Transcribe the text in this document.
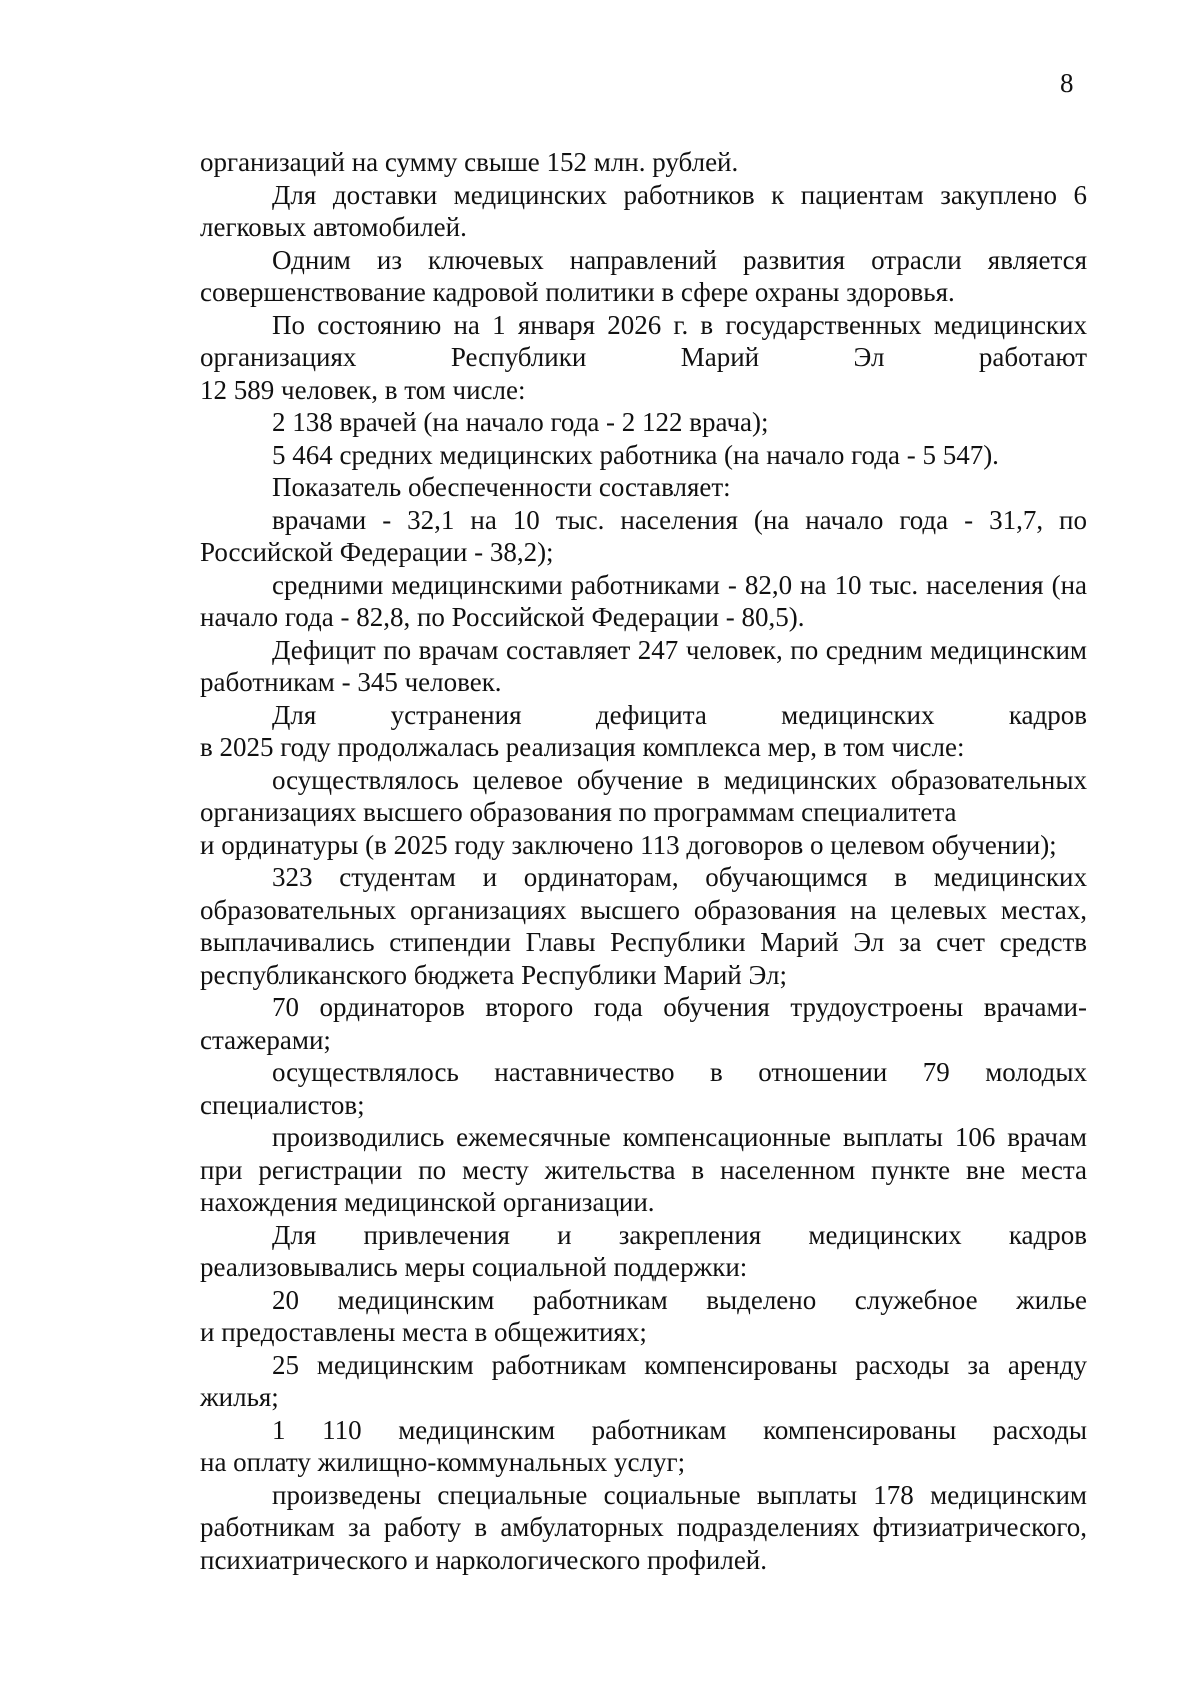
8

организаций на сумму свыше 152 млн. рублей.

Для доставки медицинских работников к пациентам закуплено 6 легковых автомобилей.

Одним из ключевых направлений развития отрасли является совершенствование кадровой политики в сфере охраны здоровья.

По состоянию на 1 января 2026 г. в государственных медицинских организациях Республики Марий Эл работают

12 589 человек, в том числе:

2 138 врачей (на начало года - 2 122 врача);

5 464 средних медицинских работника (на начало года - 5 547).

Показатель обеспеченности составляет:

врачами - 32,1 на 10 тыс. населения (на начало года - 31,7, по Российской Федерации - 38,2);

средними медицинскими работниками - 82,0 на 10 тыс. населения (на начало года - 82,8, по Российской Федерации - 80,5).

Дефицит по врачам составляет 247 человек, по средним медицинским работникам - 345 человек.

Для устранения дефицита медицинских кадров

в 2025 году продолжалась реализация комплекса мер, в том числе:

осуществлялось целевое обучение в медицинских образовательных организациях высшего образования по программам специалитета

и ординатуры (в 2025 году заключено 113 договоров о целевом обучении);

323 студентам и ординаторам, обучающимся в медицинских образовательных организациях высшего образования на целевых местах, выплачивались стипендии Главы Республики Марий Эл за счет средств республиканского бюджета Республики Марий Эл;

70 ординаторов второго года обучения трудоустроены врачами-стажерами;

осуществлялось наставничество в отношении 79 молодых специалистов;

производились ежемесячные компенсационные выплаты 106 врачам при регистрации по месту жительства в населенном пункте вне места нахождения медицинской организации.

Для привлечения и закрепления медицинских кадров реализовывались меры социальной поддержки:

20 медицинским работникам выделено служебное жилье

и предоставлены места в общежитиях;

25 медицинским работникам компенсированы расходы за аренду жилья;

1 110 медицинским работникам компенсированы расходы

на оплату жилищно-коммунальных услуг;

произведены специальные социальные выплаты 178 медицинским работникам за работу в амбулаторных подразделениях фтизиатрического, психиатрического и наркологического профилей.
